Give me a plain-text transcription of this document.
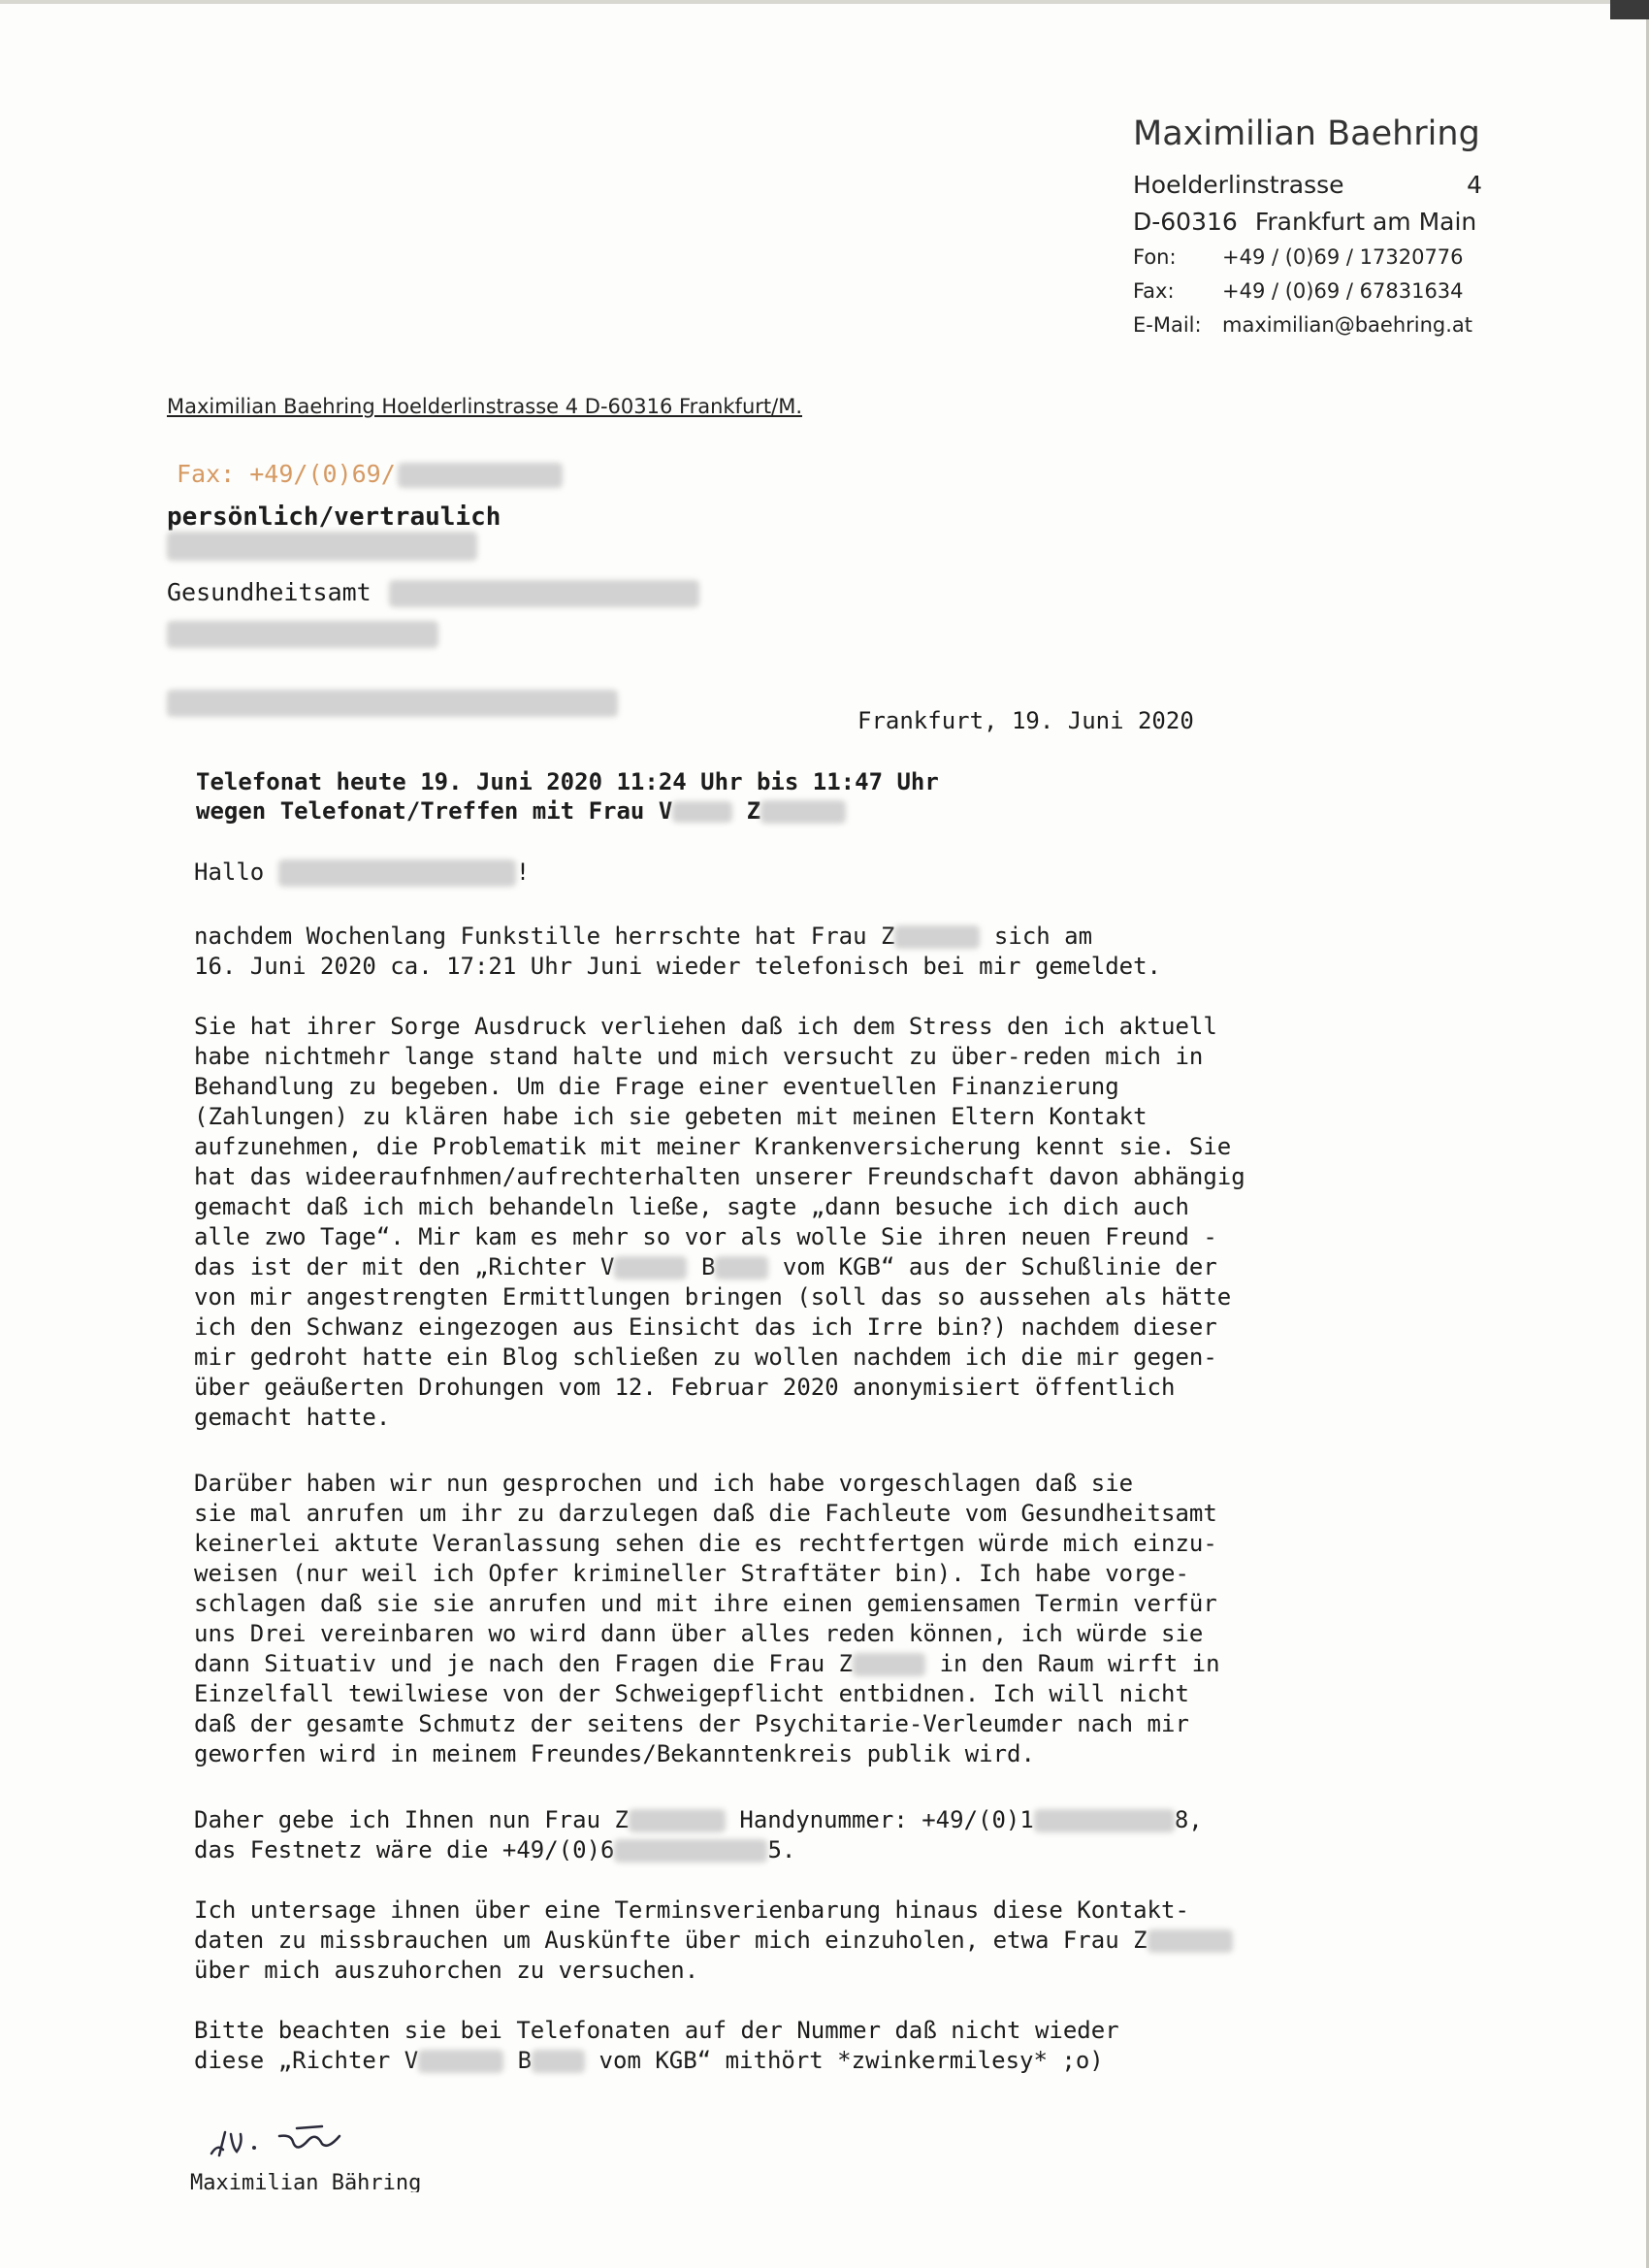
Maximilian Baehring
Hoelderlinstrasse	4
D-60316 Frankfurt am Main
Fon:	+49 / (0)69 / 17320776
Fax:	+49 / (0)69 / 67831634
E-Mail:	maximilian@baehring.at
Maximilian Baehring Hoelderlinstrasse 4 D-60316 Frankfurt/M.
Fax: +49/(0)69/
persönlich/vertraulich
Gesundheitsamt
Frankfurt, 19. Juni 2020
Telefonat heute 19. Juni 2020 11:24 Uhr bis 11:47 Uhr
wegen Telefonat/Treffen mit Frau V	Z
Hallo	!
nachdem Wochenlang Funkstille herrschte hat Frau Z	sich am
16. Juni 2020 ca. 17:21 Uhr Juni wieder telefonisch bei mir gemeldet.
Sie hat ihrer Sorge Ausdruck verliehen daß ich dem Stress den ich aktuell
habe nichtmehr lange stand halte und mich versucht zu über-reden mich in
Behandlung zu begeben. Um die Frage einer eventuellen Finanzierung
(Zahlungen) zu klären habe ich sie gebeten mit meinen Eltern Kontakt
aufzunehmen, die Problematik mit meiner Krankenversicherung kennt sie. Sie
hat das wideeraufnhmen/aufrechterhalten unserer Freundschaft davon abhängig
gemacht daß ich mich behandeln ließe, sagte „dann besuche ich dich auch
alle zwo Tage“. Mir kam es mehr so vor als wolle Sie ihren neuen Freund -
das ist der mit den „Richter V	B	vom KGB“ aus der Schußlinie der
von mir angestrengten Ermittlungen bringen (soll das so aussehen als hätte
ich den Schwanz eingezogen aus Einsicht das ich Irre bin?) nachdem dieser
mir gedroht hatte ein Blog schließen zu wollen nachdem ich die mir gegen-
über geäußerten Drohungen vom 12. Februar 2020 anonymisiert öffentlich
gemacht hatte.
Darüber haben wir nun gesprochen und ich habe vorgeschlagen daß sie
sie mal anrufen um ihr zu darzulegen daß die Fachleute vom Gesundheitsamt
keinerlei aktute Veranlassung sehen die es rechtfertgen würde mich einzu-
weisen (nur weil ich Opfer krimineller Straftäter bin). Ich habe vorge-
schlagen daß sie sie anrufen und mit ihre einen gemiensamen Termin verfür
uns Drei vereinbaren wo wird dann über alles reden können, ich würde sie
dann Situativ und je nach den Fragen die Frau Z	in den Raum wirft in
Einzelfall tewilwiese von der Schweigepflicht entbidnen. Ich will nicht
daß der gesamte Schmutz der seitens der Psychitarie-Verleumder nach mir
geworfen wird in meinem Freundes/Bekanntenkreis publik wird.
Daher gebe ich Ihnen nun Frau Z	Handynummer: +49/(0)1	8,
das Festnetz wäre die +49/(0)6	5.
Ich untersage ihnen über eine Terminsverienbarung hinaus diese Kontakt-
daten zu missbrauchen um Auskünfte über mich einzuholen, etwa Frau Z
über mich auszuhorchen zu versuchen.
Bitte beachten sie bei Telefonaten auf der Nummer daß nicht wieder
diese „Richter V	B	vom KGB“ mithört *zwinkermilesy* ;o)
Maximilian Bähring
